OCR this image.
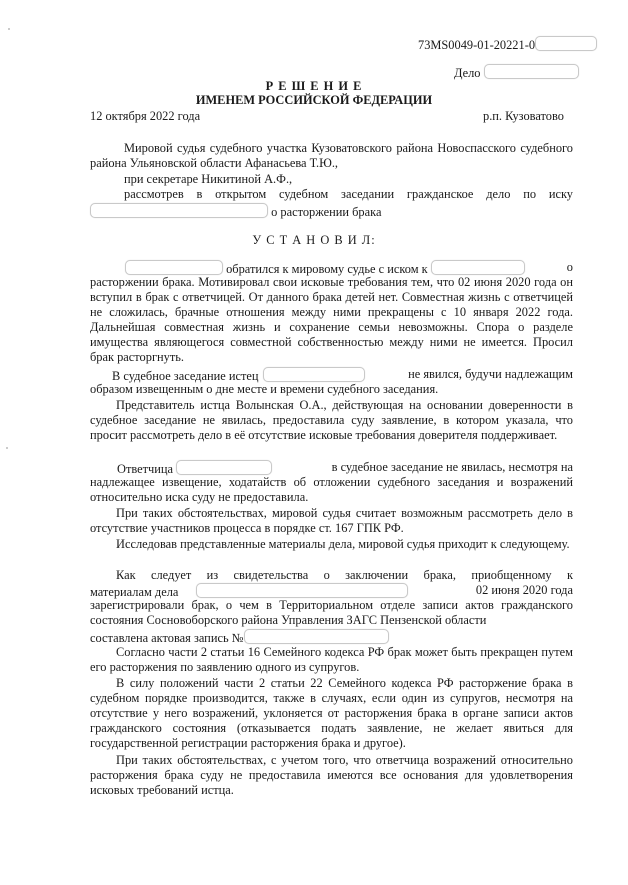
73MS0049-01-20221-0
Дело
Р Е Ш Е Н И Е
ИМЕНЕМ РОССИЙСКОЙ ФЕДЕРАЦИИ
12 октября 2022 года	р.п. Кузоватово
Мировой судья судебного участка Кузоватовского района Новоспасского судебного района Ульяновской области Афанасьева Т.Ю.,
при секретаре Никитиной А.Ф.,
рассмотрев в открытом судебном заседании гражданское дело по иску
о расторжении брака
У С Т А Н О В И Л:
обратился к мировому судье с иском к	о
расторжении брака. Мотивировал свои исковые требования тем, что 02 июня 2020 года он вступил в брак с ответчицей. От данного брака детей нет. Совместная жизнь с ответчицей не сложилась, брачные отношения между ними прекращены с 10 января 2022 года. Дальнейшая совместная жизнь и сохранение семьи невозможны. Спора о разделе имущества являющегося совместной собственностью между ними не имеется. Просил брак расторгнуть.
В судебное заседание истец	не явился, будучи надлежащим
образом извещенным о дне месте и времени судебного заседания.
Представитель истца Волынская О.А., действующая на основании доверенности в судебное заседание не явилась, предоставила суду заявление, в котором указала, что просит рассмотреть дело в её отсутствие исковые требования доверителя поддерживает.
Ответчица	в судебное заседание не явилась, несмотря на
надлежащее извещение, ходатайств об отложении судебного заседания и возражений относительно иска суду не предоставила.
При таких обстоятельствах, мировой судья считает возможным рассмотреть дело в отсутствие участников процесса в порядке ст. 167 ГПК РФ.
Исследовав представленные материалы дела, мировой судья приходит к следующему.
Как следует из свидетельства о заключении брака, приобщенному к
материалам дела	02 июня 2020 года
зарегистрировали брак, о чем в Территориальном отделе записи актов гражданского состояния Сосновоборского района Управления ЗАГС Пензенской области
составлена актовая запись №
Согласно части 2 статьи 16 Семейного кодекса РФ брак может быть прекращен путем его расторжения по заявлению одного из супругов.
В силу положений части 2 статьи 22 Семейного кодекса РФ расторжение брака в судебном порядке производится, также в случаях, если один из супругов, несмотря на отсутствие у него возражений, уклоняется от расторжения брака в органе записи актов гражданского состояния (отказывается подать заявление, не желает явиться для государственной регистрации расторжения брака и другое).
При таких обстоятельствах, с учетом того, что ответчица возражений относительно расторжения брака суду не предоставила имеются все основания для удовлетворения исковых требований истца.
